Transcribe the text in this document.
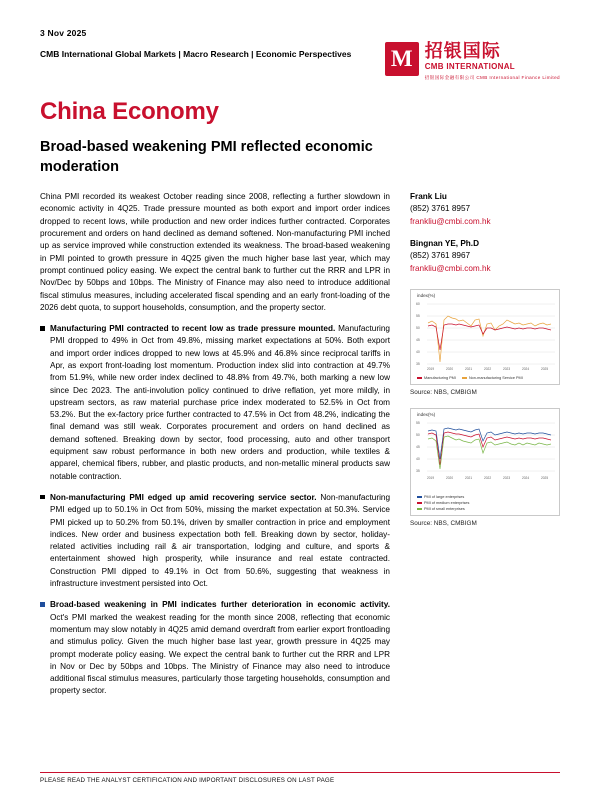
3 Nov 2025
CMB International Global Markets | Macro Research | Economic Perspectives	M 招银国际
CMB INTERNATIONAL
招银国际金融有限公司 CMB International Finance Limited
China Economy
Broad-based weakening PMI reflected economic moderation

China PMI recorded its weakest October reading since 2008, reflecting a further slowdown in economic activity in 4Q25. Trade pressure mounted as both export and import order indices dropped to recent lows, while production and new order indices further contracted. Corporates procurement and orders on hand declined as demand softened. Non-manufacturing PMI inched up as service improved while construction extended its weakness. The broad-based weakening in PMI pointed to growth pressure in 4Q25 given the much higher base last year, which may prompt continued policy easing. We expect the central bank to further cut the RRR and LPR in Nov/Dec by 50bps and 10bps. The Ministry of Finance may also need to introduce additional fiscal stimulus measures, including accelerated fiscal spending and an early front-loading of the 2026 debt quota, to support households, consumption, and the property sector.

Manufacturing PMI contracted to recent low as trade pressure mounted. Manufacturing PMI dropped to 49% in Oct from 49.8%, missing market expectations at 50%. Both export and import order indices dropped to new lows at 45.9% and 46.8% since reciprocal tariffs in Apr, as export front-loading lost momentum. Production index slid into contraction at 49.7% from 51.9%, while new order index declined to 48.8% from 49.7%, both marking a new low since Dec 2023. The anti-involution policy continued to drive reflation, yet more mildly, in upstream sectors, as raw material purchase price index moderated to 52.5% in Oct from 53.2%. But the ex-factory price further contracted to 47.5% in Oct from 48.2%, indicating the final demand was still weak. Corporates procurement and orders on hand declined as demand softened. Breaking down by sector, food processing, auto and other transport equipment saw robust performance in both new orders and production, while textiles & apparel, chemical fibers, rubber, and plastic products, and non-metallic mineral products saw notable contraction.
Non-manufacturing PMI edged up amid recovering service sector. Non-manufacturing PMI edged up to 50.1% in Oct from 50%, missing the market expectation at 50.3%. Service PMI picked up to 50.2% from 50.1%, driven by smaller contraction in price and employment indices. New order and business expectation both fell. Breaking down by sector, holiday-related activities including rail & air transportation, lodging and culture, and sports & entertainment showed high prosperity, while insurance and real estate contracted. Construction PMI dipped to 49.1% in Oct from 50.6%, suggesting that weakness in infrastructure investment persisted into Oct.
Broad-based weakening in PMI indicates further deterioration in economic activity. Oct's PMI marked the weakest reading for the month since 2008, reflecting that economic momentum may slow notably in 4Q25 amid demand overdraft from earlier export frontloading and stimulus policy. Given the much higher base last year, growth pressure in 4Q25 may prompt moderate policy easing. We expect the central bank to further cut the RRR and LPR in Nov or Dec by 50bps and 10bps. The Ministry of Finance may also need to introduce additional fiscal stimulus measures, particularly those targeting households, consumption and property sector.
Frank Liu
(852) 3761 8957
frankliu@cmbi.com.hk
Bingnan YE, Ph.D
(852) 3761 8967
frankliu@cmbi.com.hk
index(%)
60
55
50
45
40
35
2019	2020	2021	2022	2023	2024	2025
Manufacturing PMI
	Non-manufacturing Service PMI
Source: NBS, CMBIGM
index(%)
55
50
45
40
35
2019	2020	2021	2022	2023	2024	2025
PMI of large enterprises
PMI of medium enterprises
PMI of small enterprises
Source: NBS, CMBIGM
PLEASE READ THE ANALYST CERTIFICATION AND IMPORTANT DISCLOSURES ON LAST PAGE
